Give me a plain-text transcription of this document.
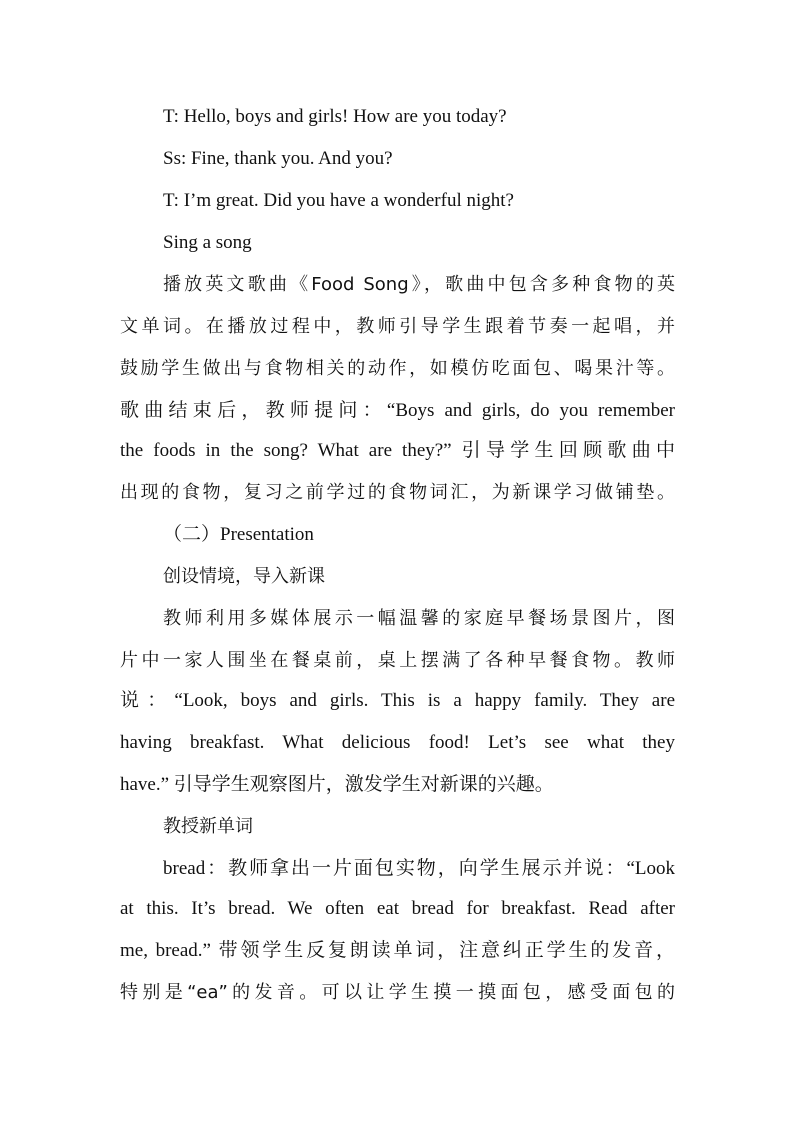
T: Hello, boys and girls! How are you today?
Ss: Fine, thank you. And you?
T: I’m great. Did you have a wonderful night?
Sing a song
播放英文歌曲《Food Song》，歌曲中包含多种食物的英
文单词。在播放过程中，教师引导学生跟着节奏一起唱，并
鼓励学生做出与食物相关的动作，如模仿吃面包、喝果汁等。
歌曲结束后，教师提问：“Boys and girls, do you remember
the foods in the song? What are they?” 引导学生回顾歌曲中
出现的食物，复习之前学过的食物词汇，为新课学习做铺垫。
（二）Presentation
创设情境，导入新课
教师利用多媒体展示一幅温馨的家庭早餐场景图片，图
片中一家人围坐在餐桌前，桌上摆满了各种早餐食物。教师
说：“Look, boys and girls. This is a happy family. They are
having breakfast. What delicious food! Let’s see what they
have.” 引导学生观察图片，激发学生对新课的兴趣。
教授新单词
bread：教师拿出一片面包实物，向学生展示并说：“Look
at this. It’s bread. We often eat bread for breakfast. Read after
me, bread.” 带领学生反复朗读单词，注意纠正学生的发音，
特别是“ea”的发音。可以让学生摸一摸面包，感受面包的
